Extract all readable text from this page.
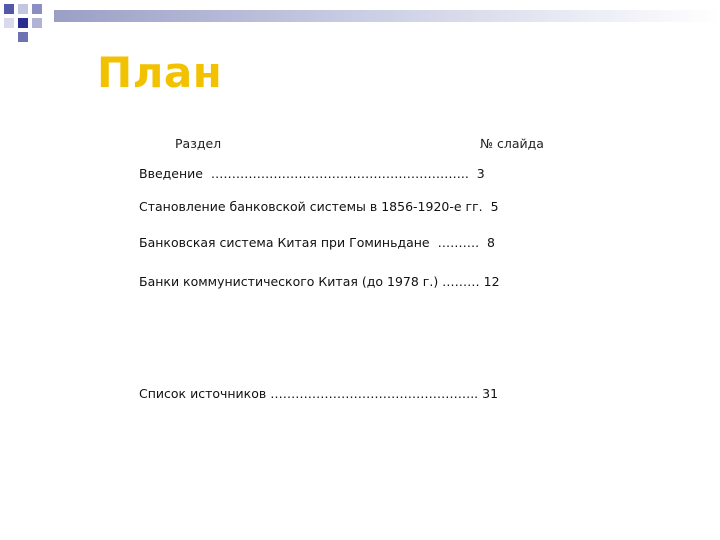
План
Раздел	№ слайда
Введение  ……………………………………………………..  3
Становление банковской системы в 1856-1920-е гг.  5
Банковская система Китая при Гоминьдане  ……….  8
Банки коммунистического Китая (до 1978 г.) ……… 12

Список источников ………………………………………….. 31
